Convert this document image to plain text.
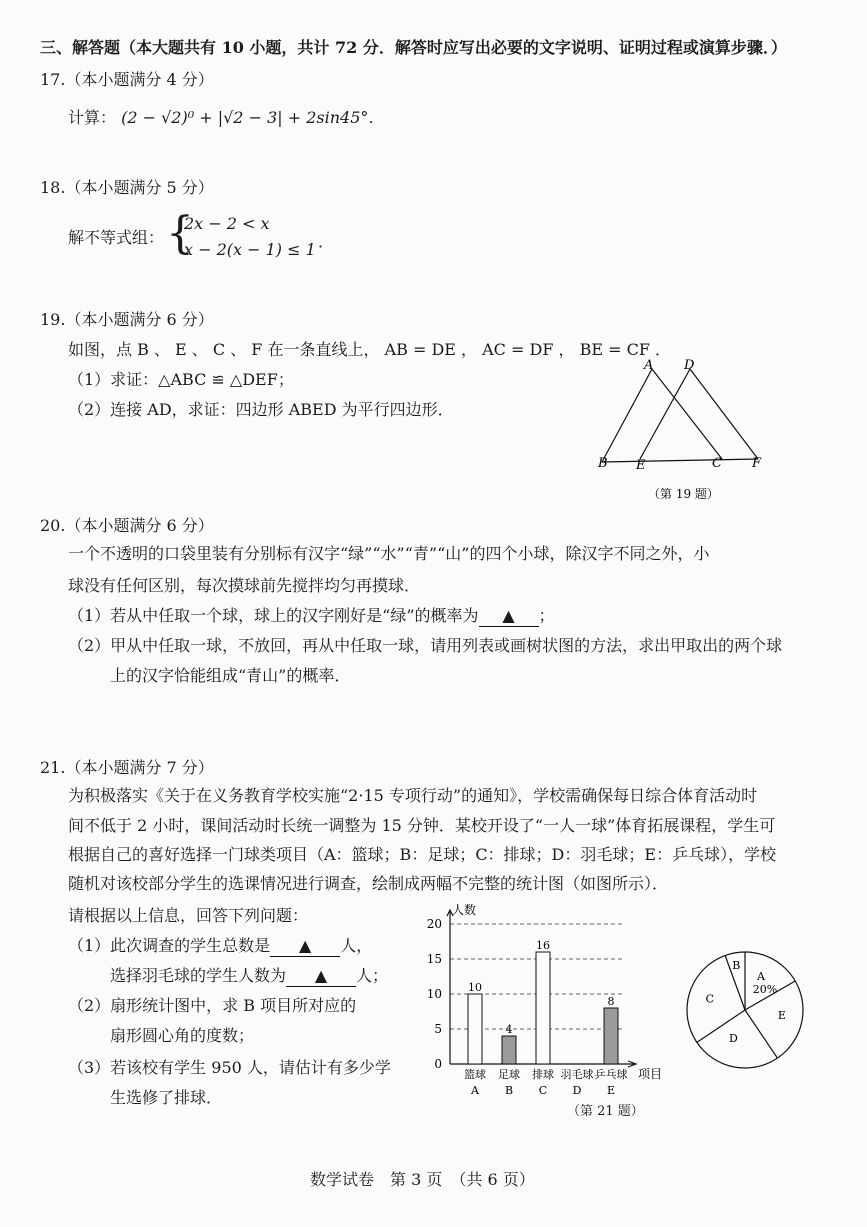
三、解答题（本大题共有 10 小题，共计 72 分．解答时应写出必要的文字说明、证明过程或演算步骤．）
17.（本小题满分 4 分）
计算： (2 − √2)⁰ + |√2 − 3| + 2sin45°．
18.（本小题满分 5 分）
解不等式组： {
2x − 2 < x
x − 2(x − 1) ≤ 1 ．
19.（本小题满分 6 分）
如图，点 B 、 E 、 C 、 F 在一条直线上， AB = DE ， AC = DF ， BE = CF ．
（1）求证：△ABC ≌ △DEF；
（2）连接 AD，求证：四边形 ABED 为平行四边形．
A D
B E	C F
（第 19 题）
20.（本小题满分 6 分）
一个不透明的口袋里装有分别标有汉字“绿”“水”“青”“山”的四个小球，除汉字不同之外，小
球没有任何区别，每次摸球前先搅拌均匀再摸球．
（1）若从中任取一个球，球上的汉字刚好是“绿”的概率为 ▲ ；
（2）甲从中任取一球，不放回，再从中任取一球，请用列表或画树状图的方法，求出甲取出的两个球
上的汉字恰能组成“青山”的概率．
21.（本小题满分 7 分）
为积极落实《关于在义务教育学校实施“2·15 专项行动”的通知》，学校需确保每日综合体育活动时
间不低于 2 小时，课间活动时长统一调整为 15 分钟．某校开设了“一人一球”体育拓展课程，学生可
根据自己的喜好选择一门球类项目（A：篮球；B：足球；C：排球；D：羽毛球；E：乒乓球），学校
随机对该校部分学生的选课情况进行调查，绘制成两幅不完整的统计图（如图所示）．
请根据以上信息，回答下列问题：
（1）此次调查的学生总数是 ▲ 人，
选择羽毛球的学生人数为 ▲ 人；
（2）扇形统计图中，求 B 项目所对应的
扇形圆心角的度数；
（3）若该校有学生 950 人，请估计有多少学
生选修了排球．
0
5
10
15
20
人数
项目
10
篮球
A
4
足球
B
16
排球
C
羽毛球
D
8
乒乓球
E
A
20%
B
C
D
E
（第 21 题）
数学试卷　第 3 页　（共 6 页）
